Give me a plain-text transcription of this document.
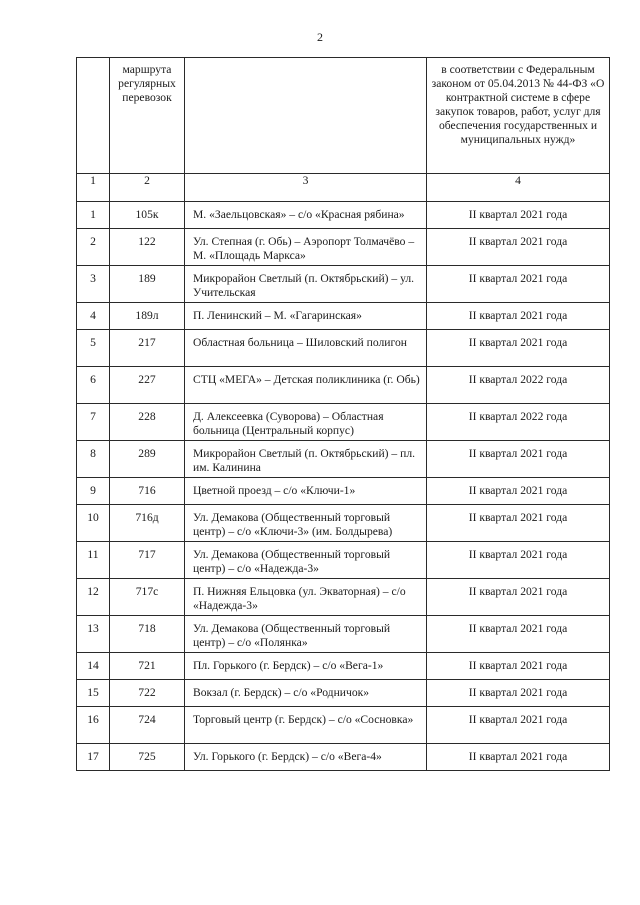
2

	маршрута регулярных перевозок		в соответствии с Федеральным законом от 05.04.2013 № 44-ФЗ «О контрактной системе в сфере закупок товаров, работ, услуг для обеспечения государственных и муниципальных нужд»

1	2	3	4

1	105к	М. «Заельцовская» – с/о «Красная рябина»	II квартал 2021 года

2	122	Ул. Степная (г. Обь) – Аэропорт Толмачёво – М. «Площадь Маркса»	II квартал 2021 года

3	189	Микрорайон Светлый (п. Октябрьский) – ул. Учительская	II квартал 2021 года

4	189л	П. Ленинский – М. «Гагаринская»	II квартал 2021 года

5	217	Областная больница – Шиловский полигон	II квартал 2021 года

6	227	СТЦ «МЕГА» – Детская поликлиника (г. Обь)	II квартал 2022 года

7	228	Д. Алексеевка (Суворова) – Областная больница (Центральный корпус)	II квартал 2022 года

8	289	Микрорайон Светлый (п. Октябрьский) – пл. им. Калинина	II квартал 2021 года

9	716	Цветной проезд – с/о «Ключи-1»	II квартал 2021 года

10	716д	Ул. Демакова (Общественный торговый центр) – с/о «Ключи-3» (им. Болдырева)	II квартал 2021 года

11	717	Ул. Демакова (Общественный торговый центр) – с/о «Надежда-3»	II квартал 2021 года

12	717с	П. Нижняя Ельцовка (ул. Экваторная) – с/о «Надежда-3»	II квартал 2021 года

13	718	Ул. Демакова (Общественный торговый центр) – с/о «Полянка»	II квартал 2021 года

14	721	Пл. Горького (г. Бердск) – с/о «Вега-1»	II квартал 2021 года

15	722	Вокзал (г. Бердск) – с/о «Родничок»	II квартал 2021 года

16	724	Торговый центр (г. Бердск) – с/о «Сосновка»	II квартал 2021 года

17	725	Ул. Горького (г. Бердск) – с/о «Вега-4»	II квартал 2021 года
